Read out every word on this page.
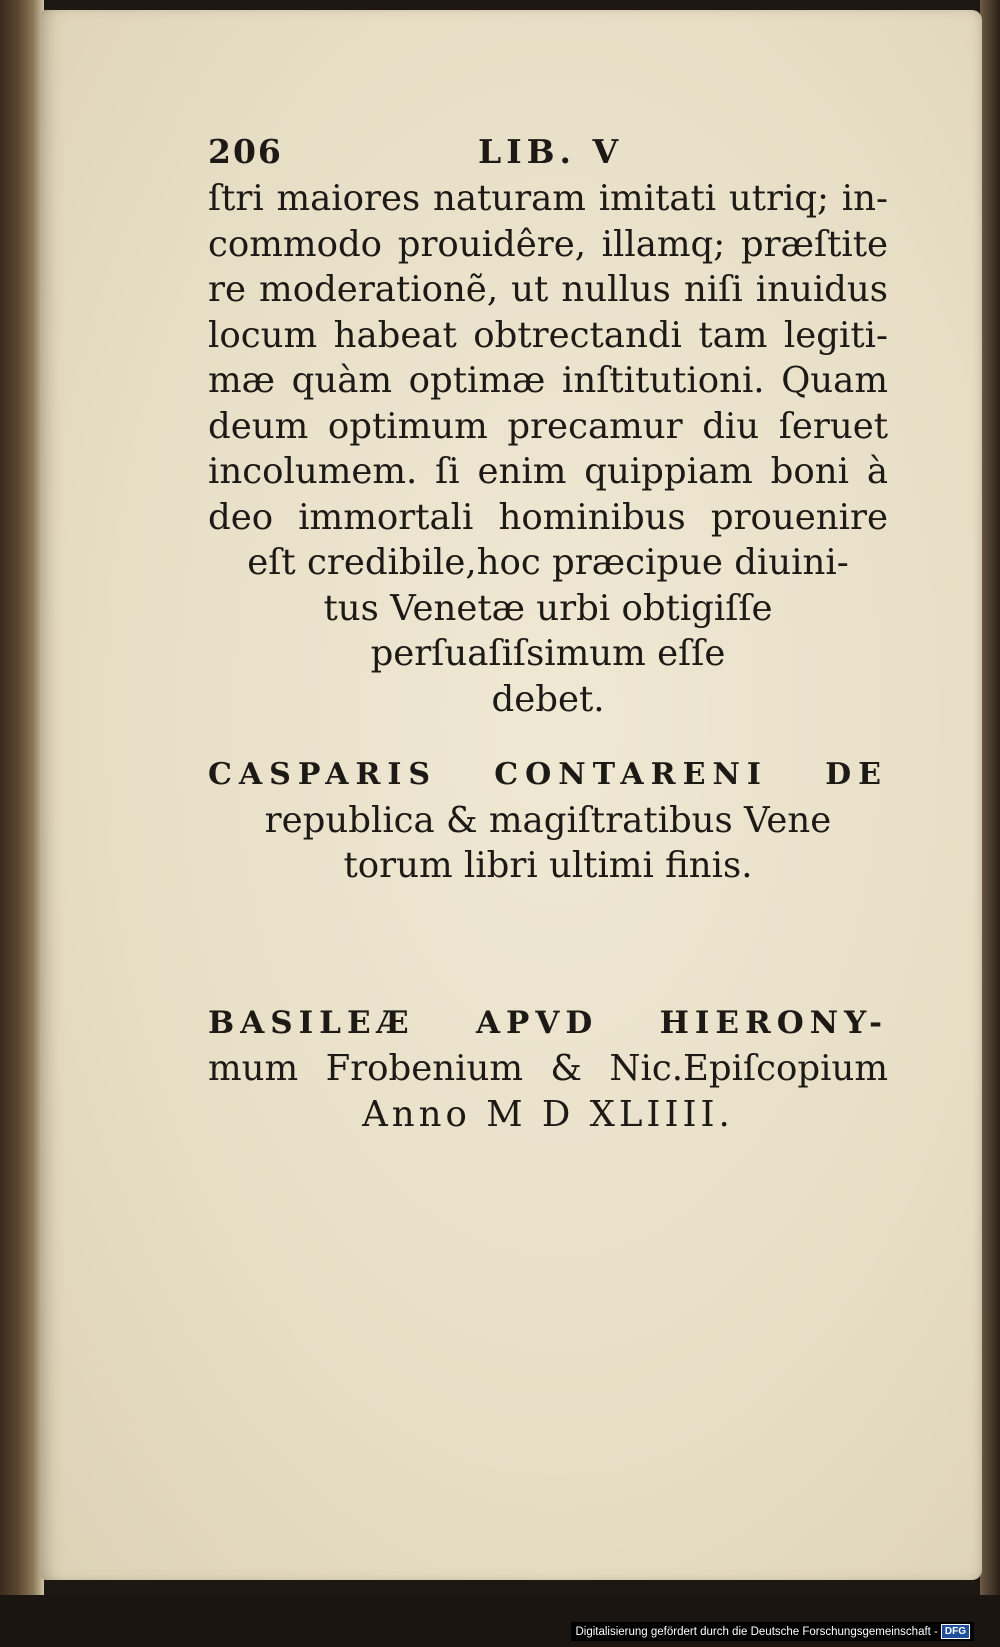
206	LIB. V
ſtri maiores naturam imitati utriq; in-
commodo prouidêre, illamq; præſtite
re moderationẽ, ut nullus niſi inuidus
locum habeat obtrectandi tam legiti-
mæ quàm optimæ inſtitutioni. Quam
deum optimum precamur diu ſeruet
incolumem. ſi enim quippiam boni à
deo immortali hominibus prouenire
eſt credibile,hoc præcipue diuini-
tus Venetæ urbi obtigiſſe
perſuaſiſsimum eſſe
debet.
CASPARIS CONTARENI DE
republica & magiſtratibus Vene
torum libri ultimi finis.
BASILEÆ APVD HIERONY-
mum Frobenium & Nic.Epiſcopium
Anno M D XLIIII.
Digitalisierung gefördert durch die Deutsche Forschungsgemeinschaft - DFG
